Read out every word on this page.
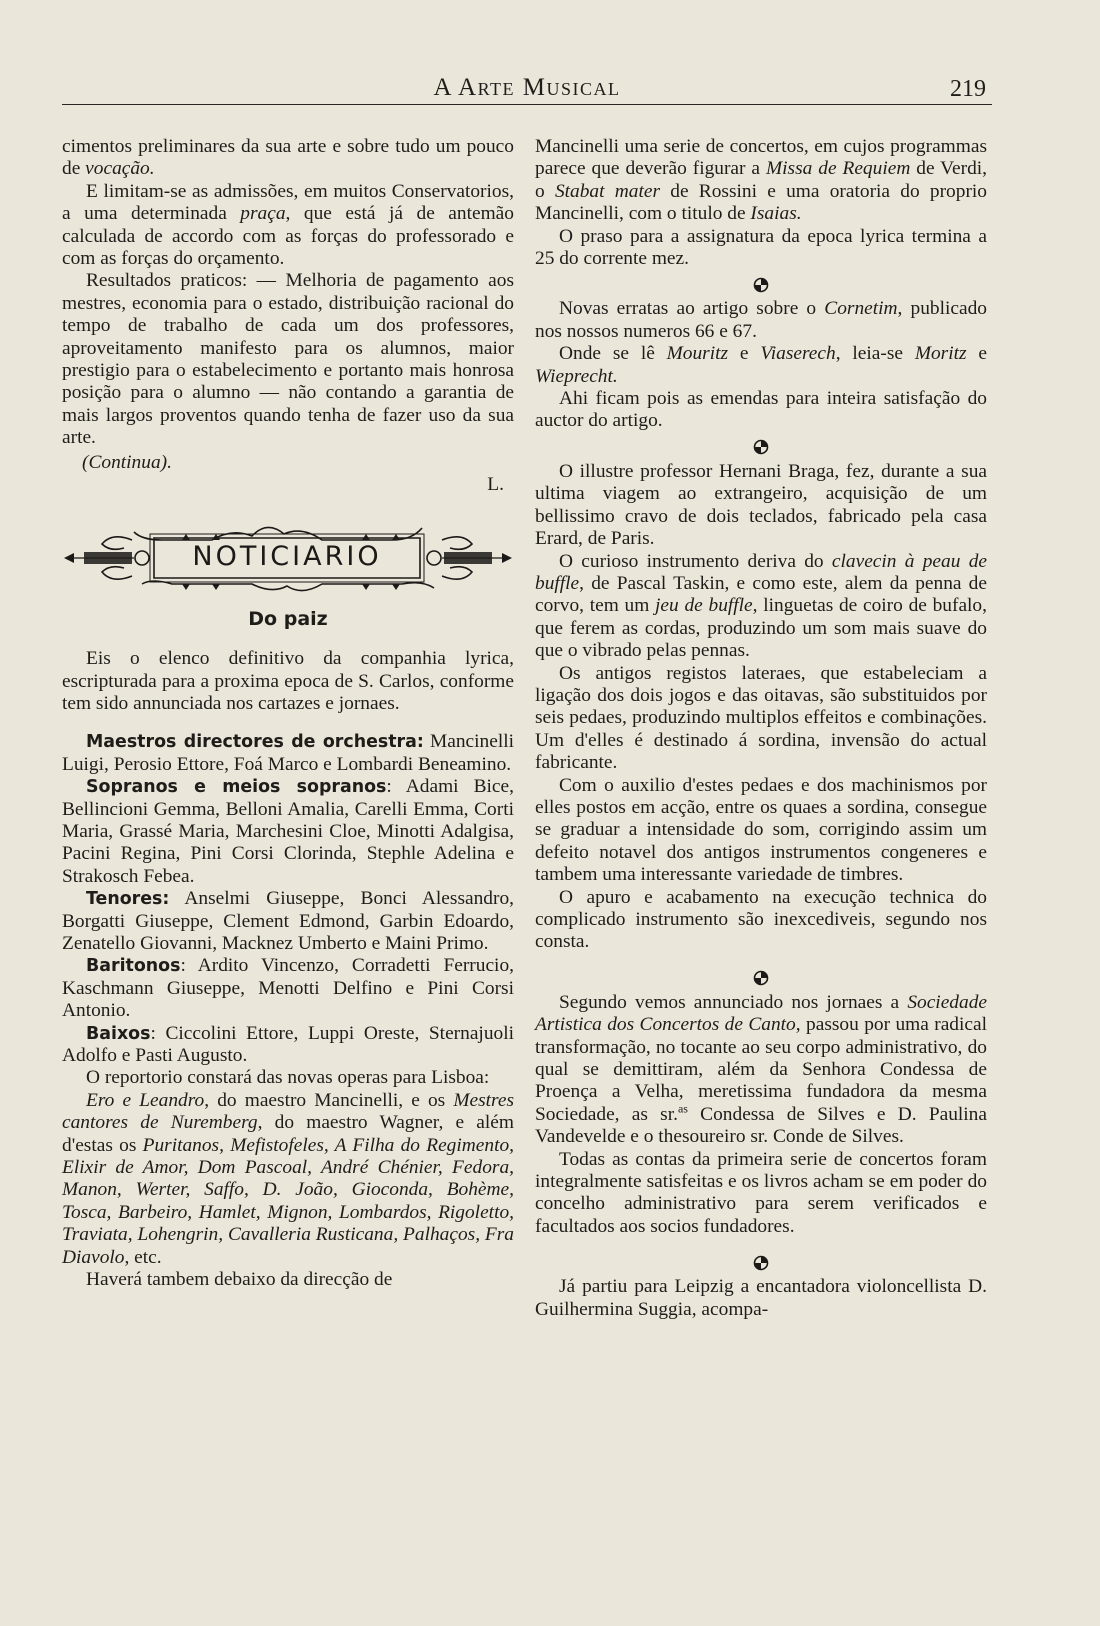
A Arte Musical	219

cimentos preliminares da sua arte e sobre tudo um pouco de vocação.

E limitam-se as admissões, em muitos Conservatorios, a uma determinada praça, que está já de antemão calculada de accordo com as forças do professorado e com as forças do orçamento.

Resultados praticos: — Melhoria de pagamento aos mestres, economia para o estado, distribuição racional do tempo de trabalho de cada um dos professores, aproveitamento manifesto para os alumnos, maior prestigio para o estabelecimento e portanto mais honrosa posição para o alumno — não contando a garantia de mais largos proventos quando tenha de fazer uso da sua arte.

(Continua).
L.
NOTICIARIO
Do paiz

Eis o elenco definitivo da companhia lyrica, escripturada para a proxima epoca de S. Carlos, conforme tem sido annunciada nos cartazes e jornaes.

Maestros directores de orchestra: Mancinelli Luigi, Perosio Ettore, Foá Marco e Lombardi Beneamino.

Sopranos e meios sopranos: Adami Bice, Bellincioni Gemma, Belloni Amalia, Carelli Emma, Corti Maria, Grassé Maria, Marchesini Cloe, Minotti Adalgisa, Pacini Regina, Pini Corsi Clorinda, Stephle Adelina e Strakosch Febea.

Tenores: Anselmi Giuseppe, Bonci Alessandro, Borgatti Giuseppe, Clement Edmond, Garbin Edoardo, Zenatello Giovanni, Macknez Umberto e Maini Primo.

Baritonos: Ardito Vincenzo, Corradetti Ferrucio, Kaschmann Giuseppe, Menotti Delfino e Pini Corsi Antonio.

Baixos: Ciccolini Ettore, Luppi Oreste, Sternajuoli Adolfo e Pasti Augusto.

O reportorio constará das novas operas para Lisboa:

Ero e Leandro, do maestro Mancinelli, e os Mestres cantores de Nuremberg, do maestro Wagner, e além d'estas os Puritanos, Mefistofeles, A Filha do Regimento, Elixir de Amor, Dom Pascoal, André Chénier, Fedora, Manon, Werter, Saffo, D. João, Gioconda, Bohème, Tosca, Barbeiro, Hamlet, Mignon, Lombardos, Rigoletto, Traviata, Lohengrin, Cavalleria Rusticana, Palhaços, Fra Diavolo, etc.

Haverá tambem debaixo da direcção de

Mancinelli uma serie de concertos, em cujos programmas parece que deverão figurar a Missa de Requiem de Verdi, o Stabat mater de Rossini e uma oratoria do proprio Mancinelli, com o titulo de Isaias.

O praso para a assignatura da epoca lyrica termina a 25 do corrente mez.

Novas erratas ao artigo sobre o Cornetim, publicado nos nossos numeros 66 e 67.

Onde se lê Mouritz e Viaserech, leia-se Moritz e Wieprecht.

Ahi ficam pois as emendas para inteira satisfação do auctor do artigo.

O illustre professor Hernani Braga, fez, durante a sua ultima viagem ao extrangeiro, acquisição de um bellissimo cravo de dois teclados, fabricado pela casa Erard, de Paris.

O curioso instrumento deriva do clavecin à peau de buffle, de Pascal Taskin, e como este, alem da penna de corvo, tem um jeu de buffle, linguetas de coiro de bufalo, que ferem as cordas, produzindo um som mais suave do que o vibrado pelas pennas.

Os antigos registos lateraes, que estabeleciam a ligação dos dois jogos e das oitavas, são substituidos por seis pedaes, produzindo multiplos effeitos e combinações. Um d'elles é destinado á sordina, invensão do actual fabricante.

Com o auxilio d'estes pedaes e dos machinismos por elles postos em acção, entre os quaes a sordina, consegue se graduar a intensidade do som, corrigindo assim um defeito notavel dos antigos instrumentos congeneres e tambem uma interessante variedade de timbres.

O apuro e acabamento na execução technica do complicado instrumento são inexcediveis, segundo nos consta.

Segundo vemos annunciado nos jornaes a Sociedade Artistica dos Concertos de Canto, passou por uma radical transformação, no tocante ao seu corpo administrativo, do qual se demittiram, além da Senhora Condessa de Proença a Velha, meretissima fundadora da mesma Sociedade, as sr.$^{as}$ Condessa de Silves e D. Paulina Vandevelde e o thesoureiro sr. Conde de Silves.

Todas as contas da primeira serie de concertos foram integralmente satisfeitas e os livros acham se em poder do concelho administrativo para serem verificados e facultados aos socios fundadores.

Já partiu para Leipzig a encantadora violoncellista D. Guilhermina Suggia, acompa-
